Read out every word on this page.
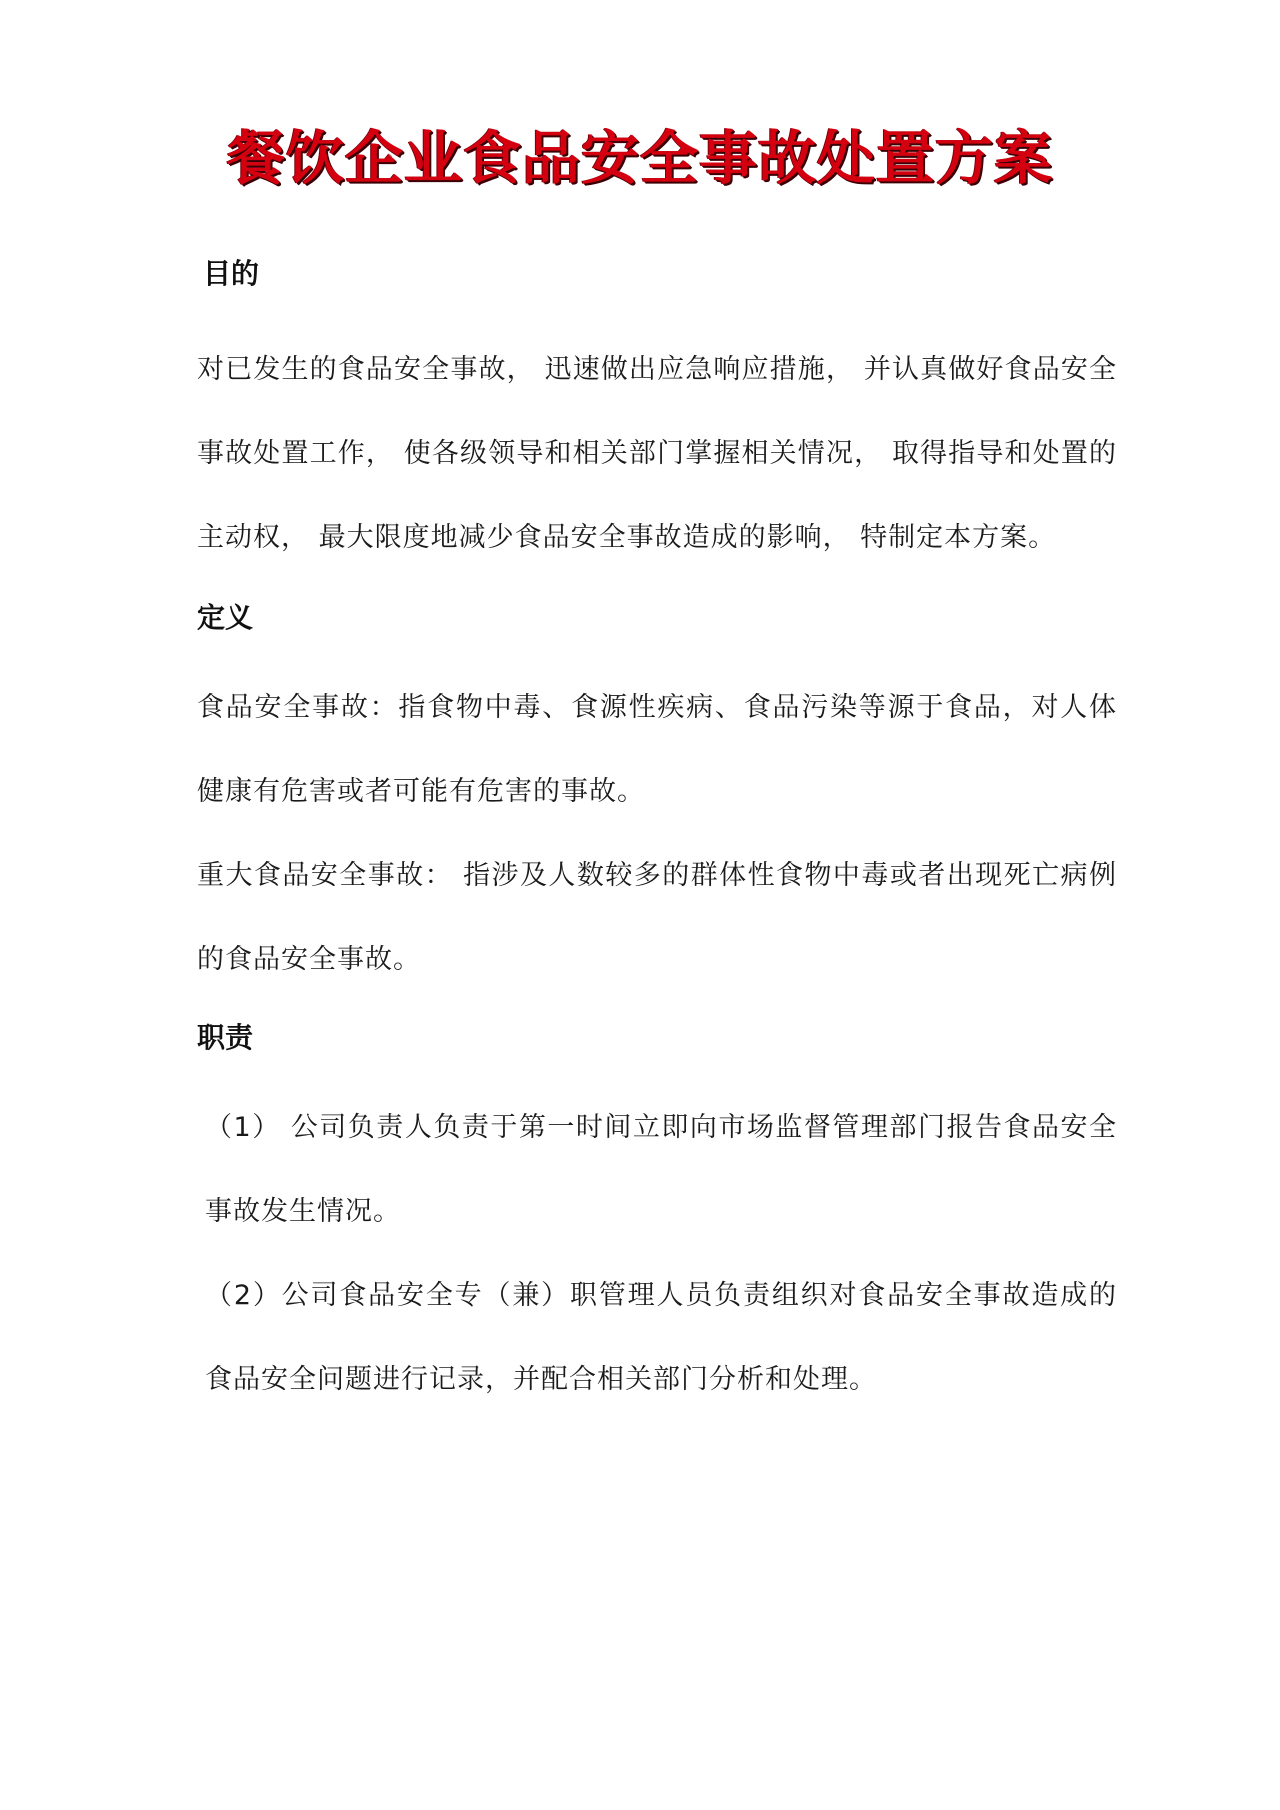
餐饮企业食品安全事故处置方案

目的

对已发生的食品安全事故， 迅速做出应急响应措施， 并认真做好食品安全事故处置工作， 使各级领导和相关部门掌握相关情况， 取得指导和处置的主动权， 最大限度地减少食品安全事故造成的影响， 特制定本方案。

定义

食品安全事故：指食物中毒、食源性疾病、食品污染等源于食品，对人体健康有危害或者可能有危害的事故。

重大食品安全事故： 指涉及人数较多的群体性食物中毒或者出现死亡病例的食品安全事故。

职责

（1） 公司负责人负责于第一时间立即向市场监督管理部门报告食品安全事故发生情况。

（2）公司食品安全专（兼）职管理人员负责组织对食品安全事故造成的食品安全问题进行记录，并配合相关部门分析和处理。
